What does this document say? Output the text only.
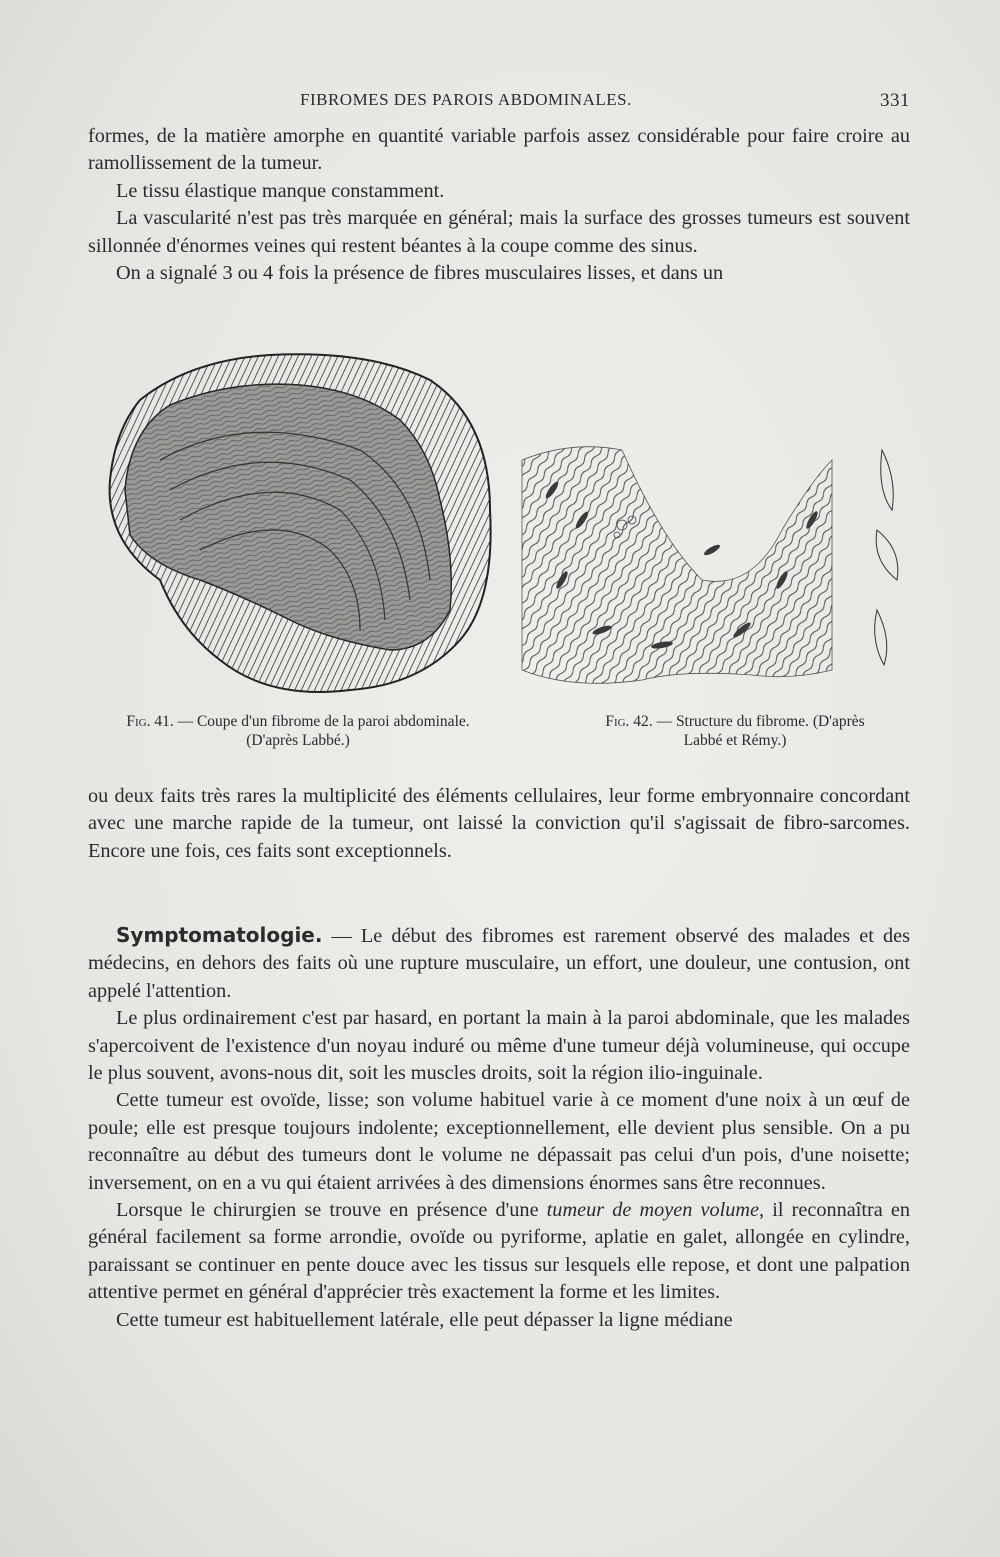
FIBROMES DES PAROIS ABDOMINALES.	331

formes, de la matière amorphe en quantité variable parfois assez considérable pour faire croire au ramollissement de la tumeur.

Le tissu élastique manque constamment.

La vascularité n'est pas très marquée en général; mais la surface des grosses tumeurs est souvent sillonnée d'énormes veines qui restent béantes à la coupe comme des sinus.

On a signalé 3 ou 4 fois la présence de fibres musculaires lisses, et dans un

Fig. 41. — Coupe d'un fibrome de la paroi abdominale. (D'après Labbé.)
Fig. 42. — Structure du fibrome. (D'après Labbé et Rémy.)

ou deux faits très rares la multiplicité des éléments cellulaires, leur forme embryonnaire concordant avec une marche rapide de la tumeur, ont laissé la conviction qu'il s'agissait de fibro-sarcomes. Encore une fois, ces faits sont exceptionnels.

Symptomatologie. — Le début des fibromes est rarement observé des malades et des médecins, en dehors des faits où une rupture musculaire, un effort, une douleur, une contusion, ont appelé l'attention.

Le plus ordinairement c'est par hasard, en portant la main à la paroi abdominale, que les malades s'apercoivent de l'existence d'un noyau induré ou même d'une tumeur déjà volumineuse, qui occupe le plus souvent, avons-nous dit, soit les muscles droits, soit la région ilio-inguinale.

Cette tumeur est ovoïde, lisse; son volume habituel varie à ce moment d'une noix à un œuf de poule; elle est presque toujours indolente; exceptionnellement, elle devient plus sensible. On a pu reconnaître au début des tumeurs dont le volume ne dépassait pas celui d'un pois, d'une noisette; inversement, on en a vu qui étaient arrivées à des dimensions énormes sans être reconnues.

Lorsque le chirurgien se trouve en présence d'une tumeur de moyen volume, il reconnaîtra en général facilement sa forme arrondie, ovoïde ou pyriforme, aplatie en galet, allongée en cylindre, paraissant se continuer en pente douce avec les tissus sur lesquels elle repose, et dont une palpation attentive permet en général d'apprécier très exactement la forme et les limites.

Cette tumeur est habituellement latérale, elle peut dépasser la ligne médiane
